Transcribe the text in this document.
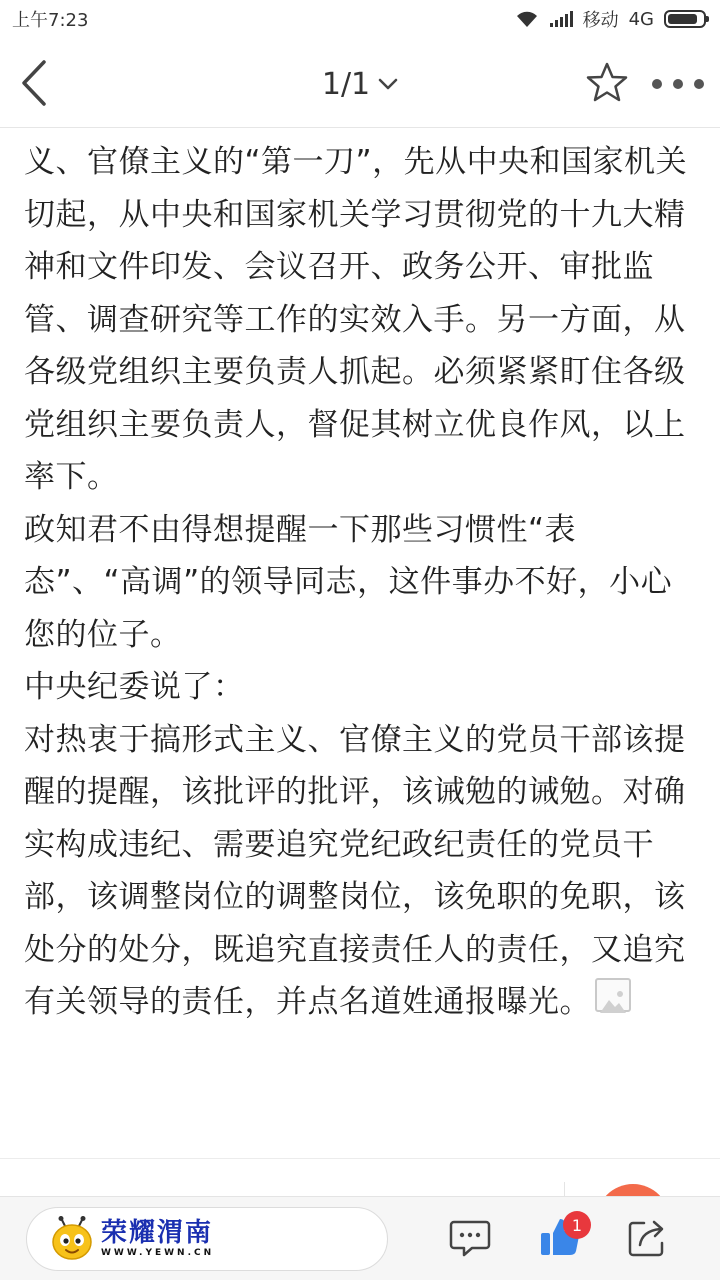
上午7:23	移动 4G
1/1

义、官僚主义的“第一刀”，先从中央和国家机关切起，从中央和国家机关学习贯彻党的十九大精神和文件印发、会议召开、政务公开、审批监管、调查研究等工作的实效入手。另一方面，从各级党组织主要负责人抓起。必须紧紧盯住各级党组织主要负责人，督促其树立优良作风，以上率下。

政知君不由得想提醒一下那些习惯性“表态”、“高调”的领导同志，这件事办不好，小心您的位子。

中央纪委说了：

对热衷于搞形式主义、官僚主义的党员干部该提醒的提醒，该批评的批评，该诫勉的诫勉。对确实构成违纪、需要追究党纪政纪责任的党员干部，该调整岗位的调整岗位，该免职的免职，该处分的处分，既追究直接责任人的责任，又追究有关领导的责任，并点名道姓通报曝光。

荣耀渭南
WWW.YEWN.CN
1
